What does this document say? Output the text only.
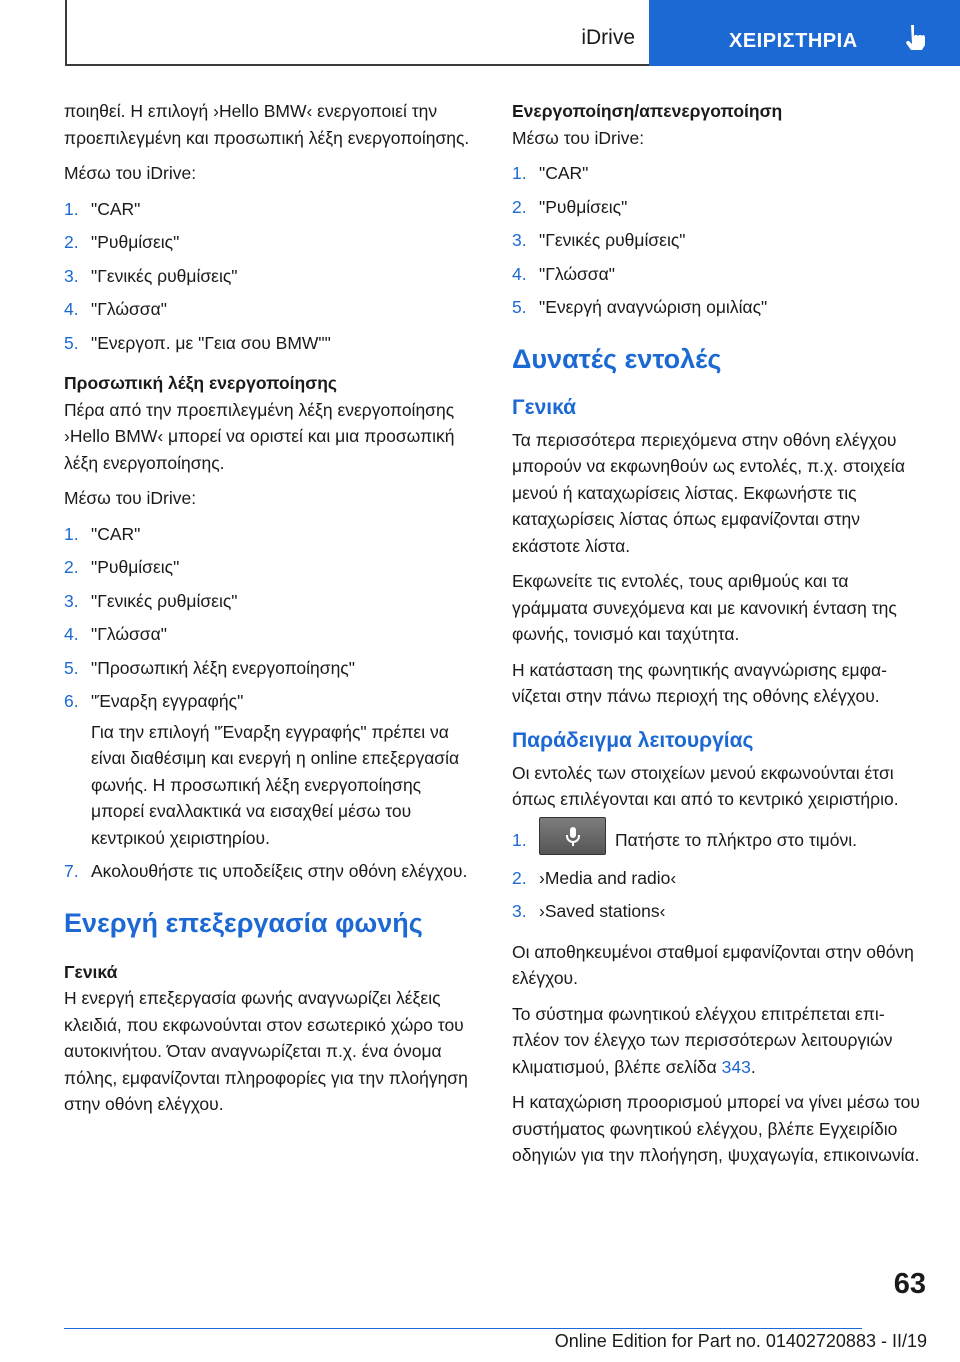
iDrive	ΧΕΙΡΙΣΤΗΡΙΑ

ποιηθεί. Η επιλογή ›Hello BMW‹ ενεργοποιεί την προεπιλεγμένη και προσωπική λέξη ενεργοποίησης.

Μέσω του iDrive:

1. "CAR"
2. "Ρυθμίσεις"
3. "Γενικές ρυθμίσεις"
4. "Γλώσσα"
5. "Ενεργοπ. με "Γεια σου BMW""

Προσωπική λέξη ενεργοποίησης

Πέρα από την προεπιλεγμένη λέξη ενεργοποίησης ›Hello BMW‹ μπορεί να οριστεί και μια προσωπική λέξη ενεργοποίησης.

Μέσω του iDrive:

1. "CAR"
2. "Ρυθμίσεις"
3. "Γενικές ρυθμίσεις"
4. "Γλώσσα"
5. "Προσωπική λέξη ενεργοποίησης"
6. "Έναρξη εγγραφής"
Για την επιλογή "Έναρξη εγγραφής" πρέπει να είναι διαθέσιμη και ενεργή η online επεξεργασία φωνής. Η προσωπική λέξη ενεργοποίησης μπορεί εναλλακτικά να εισαχθεί μέσω του κεντρικού χειριστηρίου.
7. Ακολουθήστε τις υποδείξεις στην οθόνη ελέγχου.
Ενεργή επεξεργασία φωνής

Γενικά

Η ενεργή επεξεργασία φωνής αναγνωρίζει λέξεις κλειδιά, που εκφωνούνται στον εσωτερικό χώρο του αυτοκινήτου. Όταν αναγνωρίζεται π.χ. ένα όνομα πόλης, εμφανίζονται πληροφορίες για την πλοήγηση στην οθόνη ελέγχου.

Ενεργοποίηση/απενεργοποίηση

Μέσω του iDrive:

1. "CAR"
2. "Ρυθμίσεις"
3. "Γενικές ρυθμίσεις"
4. "Γλώσσα"
5. "Ενεργή αναγνώριση ομιλίας"
Δυνατές εντολές
Γενικά

Τα περισσότερα περιεχόμενα στην οθόνη ελέγχου μπορούν να εκφωνηθούν ως εντολές, π.χ. στοιχεία μενού ή καταχωρίσεις λίστας. Εκφωνήστε τις καταχωρίσεις λίστας όπως εμφανίζονται στην εκάστοτε λίστα.

Εκφωνείτε τις εντολές, τους αριθμούς και τα γράμματα συνεχόμενα και με κανονική ένταση της φωνής, τονισμό και ταχύτητα.

Η κατάσταση της φωνητικής αναγνώρισης εμφανίζεται στην πάνω περιοχή της οθόνης ελέγχου.

Παράδειγμα λειτουργίας

Οι εντολές των στοιχείων μενού εκφωνούνται έτσι όπως επιλέγονται και από το κεντρικό χειριστήριο.

1.	Πατήστε το πλήκτρο στο τιμόνι.
2. ›Media and radio‹
3. ›Saved stations‹

Οι αποθηκευμένοι σταθμοί εμφανίζονται στην οθόνη ελέγχου.

Το σύστημα φωνητικού ελέγχου επιτρέπεται επιπλέον τον έλεγχο των περισσότερων λειτουργιών κλιματισμού, βλέπε σελίδα 343.

Η καταχώριση προορισμού μπορεί να γίνει μέσω του συστήματος φωνητικού ελέγχου, βλέπε Εγχειρίδιο οδηγιών για την πλοήγηση, ψυχαγωγία, επικοινωνία.

63
Online Edition for Part no. 01402720883 - II/19
